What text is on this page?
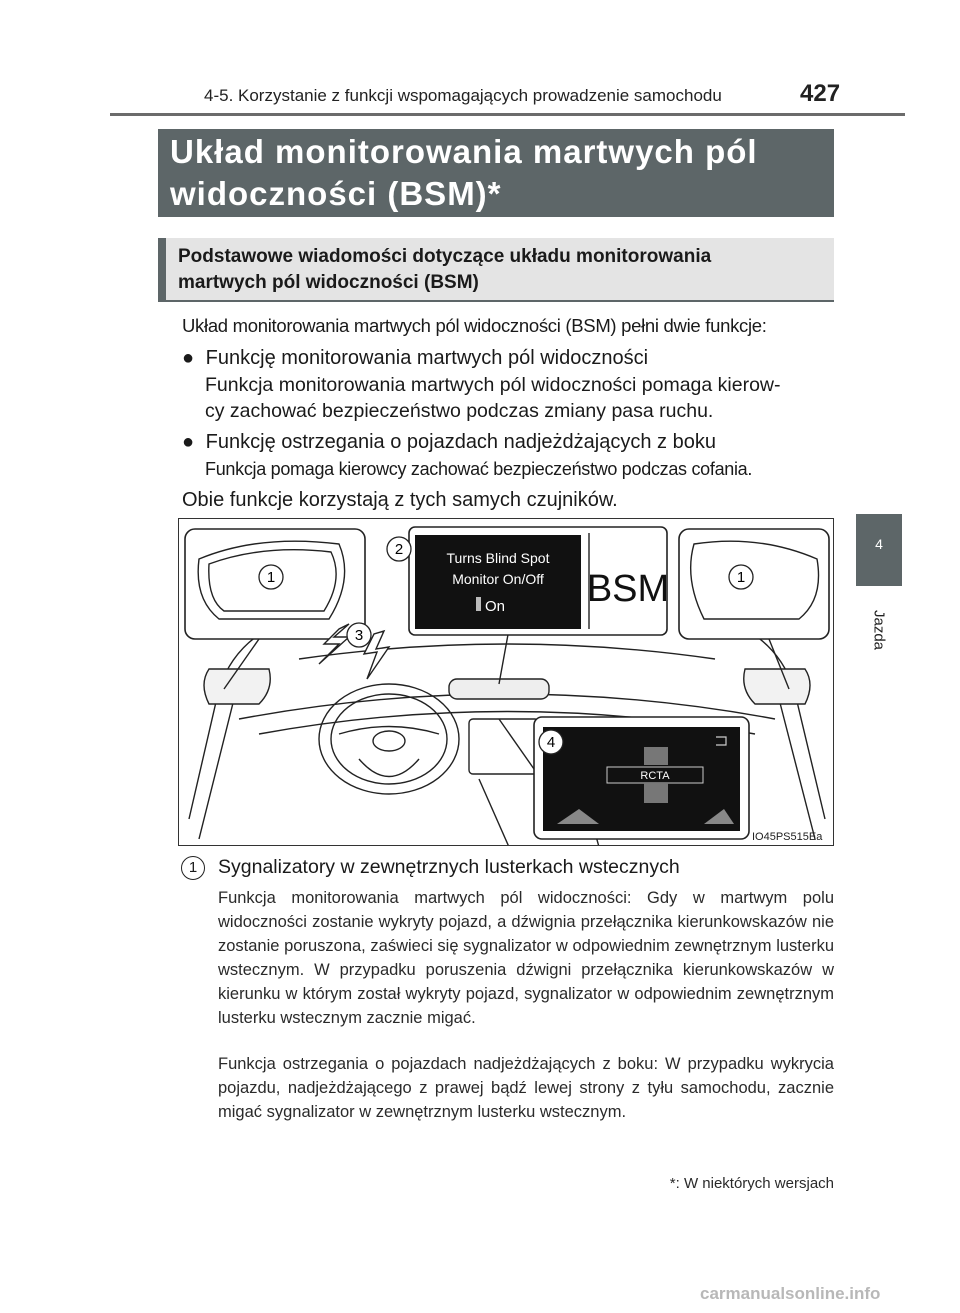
4-5. Korzystanie z funkcji wspomagających prowadzenie samochodu	427
4
Jazda
Układ monitorowania martwych pól
widoczności (BSM)*
Podstawowe wiadomości dotyczące układu monitorowania
martwych pól widoczności (BSM)
Układ monitorowania martwych pól widoczności (BSM) pełni dwie funkcje:
● Funkcję monitorowania martwych pól widoczności
Funkcja monitorowania martwych pól widoczności pomaga kierow-
cy zachować bezpieczeństwo podczas zmiany pasa ruchu.
● Funkcję ostrzegania o pojazdach nadjeżdżających z boku
Funkcja pomaga kierowcy zachować bezpieczeństwo podczas cofania.
Obie funkcje korzystają z tych samych czujników.
Turns Blind Spot
Monitor On/Off
On BSM
RCTA
1
2
3
4
1
IO45PS515Ea
1	Sygnalizatory w zewnętrznych lusterkach wstecznych
Funkcja monitorowania martwych pól widoczności: Gdy w martwym polu widoczności zostanie wykryty pojazd, a dźwignia przełącznika kierunkowskazów nie zostanie poruszona, zaświeci się sygnalizator w odpowiednim zewnętrznym lusterku wstecznym. W przypadku poruszenia dźwigni przełącznika kierunkowskazów w kierunku w którym został wykryty pojazd, sygnalizator w odpowiednim zewnętrznym lusterku wstecznym zacznie migać.
Funkcja ostrzegania o pojazdach nadjeżdżających z boku: W przypadku wykrycia pojazdu, nadjeżdżającego z prawej bądź lewej strony z tyłu samochodu, zacznie migać sygnalizator w zewnętrznym lusterku wstecznym.
*: W niektórych wersjach
carmanualsonline.info
